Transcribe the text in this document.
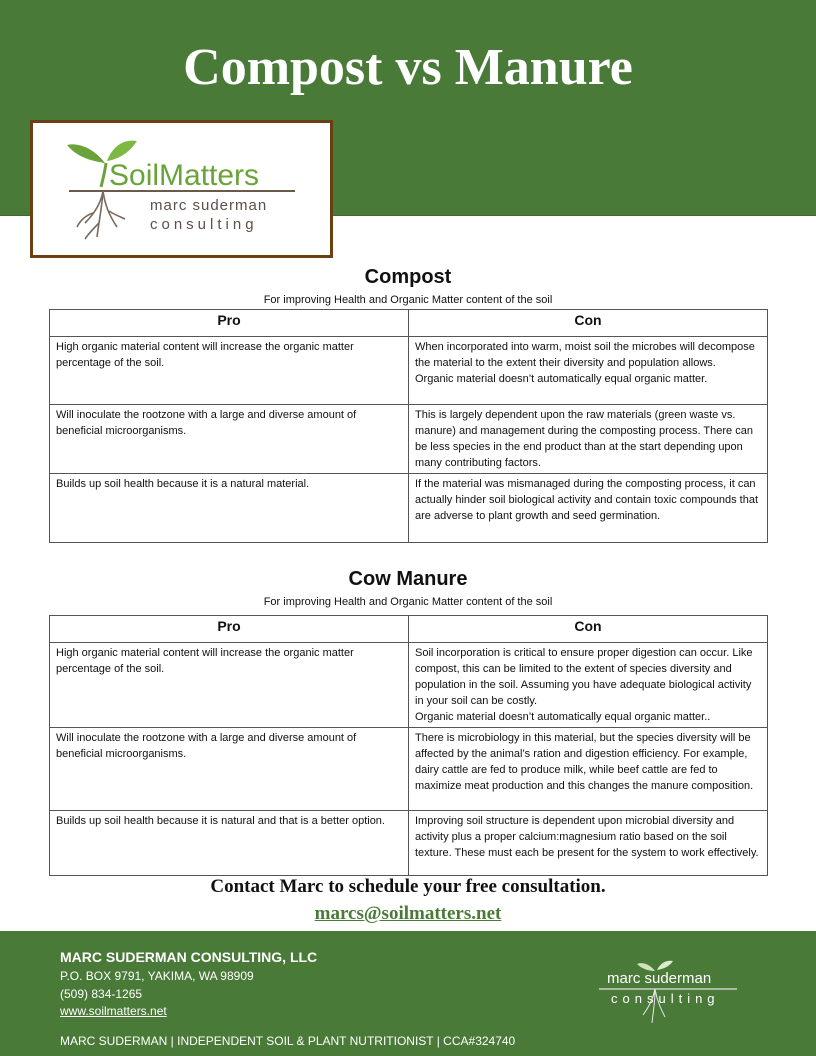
Compost vs Manure
SoilMatters
marc suderman
consulting
Compost
For improving Health and Organic Matter content of the soil
Pro	Con

High organic material content will increase the organic matter percentage of the soil.	When incorporated into warm, moist soil the microbes will decompose the material to the extent their diversity and population allows.
Organic material doesn’t automatically equal organic matter.

Will inoculate the rootzone with a large and diverse amount of beneficial microorganisms.	This is largely dependent upon the raw materials (green waste vs. manure) and management during the composting process. There can be less species in the end product than at the start depending upon many contributing factors.

Builds up soil health because it is a natural material.	If the material was mismanaged during the composting process, it can actually hinder soil biological activity and contain toxic compounds that are adverse to plant growth and seed germination.
Cow Manure
For improving Health and Organic Matter content of the soil
Pro	Con

High organic material content will increase the organic matter percentage of the soil.	Soil incorporation is critical to ensure proper digestion can occur. Like compost, this can be limited to the extent of species diversity and population in the soil. Assuming you have adequate biological activity in your soil can be costly.
Organic material doesn’t automatically equal organic matter..

Will inoculate the rootzone with a large and diverse amount of beneficial microorganisms.	There is microbiology in this material, but the species diversity will be affected by the animal’s ration and digestion efficiency. For example, dairy cattle are fed to produce milk, while beef cattle are fed to maximize meat production and this changes the manure composition.

Builds up soil health because it is natural and that is a better option.	Improving soil structure is dependent upon microbial diversity and activity plus a proper calcium:magnesium ratio based on the soil texture. These must each be present for the system to work effectively.
Contact Marc to schedule your free consultation.
marcs@soilmatters.net
MARC SUDERMAN CONSULTING, LLC
P.O. BOX 9791, YAKIMA, WA 98909
(509) 834-1265
www.soilmatters.net
MARC SUDERMAN | INDEPENDENT SOIL & PLANT NUTRITIONIST | CCA#324740
marc suderman
consulting
